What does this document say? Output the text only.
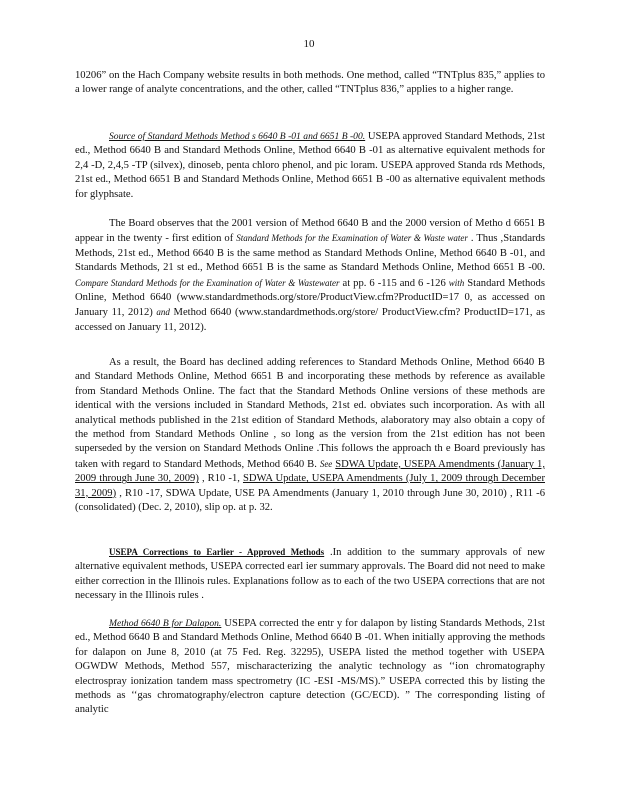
10

10206” on the Hach Company website results in both methods. One method, called “TNTplus 835,” applies to a lower range of analyte concentrations, and the other, called “TNTplus 836,” applies to a higher range.

Source of Standard Methods Method s 6640 B -01 and 6651 B -00. USEPA approved Standard Methods, 21st ed., Method 6640 B and Standard Methods Online, Method 6640 B -01 as alternative equivalent methods for 2,4 -D, 2,4,5 -TP (silvex), dinoseb, penta chloro phenol, and pic loram. USEPA approved Standa rds Methods, 21st ed., Method 6651 B and Standard Methods Online, Method 6651 B -00 as alternative equivalent methods for glyphsate.

The Board observes that the 2001 version of Method 6640 B and the 2000 version of Metho d 6651 B appear in the twenty - first edition of Standard Methods for the Examination of Water & Waste water . Thus ,Standards Methods, 21st ed., Method 6640 B is the same method as Standard Methods Online, Method 6640 B -01, and Standards Methods, 21 st ed., Method 6651 B is the same as Standard Methods Online, Method 6651 B -00. Compare Standard Methods for the Examination of Water & Wastewater at pp. 6 -115 and 6 -126 with Standard Methods Online, Method 6640 (www.standardmethods.org/store/ProductView.cfm?ProductID=17 0, as accessed on January 11, 2012) and Method 6640 (www.standardmethods.org/store/ ProductView.cfm? ProductID=171, as accessed on January 11, 2012).

As a result, the Board has declined adding references to Standard Methods Online, Method 6640 B and Standard Methods Online, Method 6651 B and incorporating these methods by reference as available from Standard Methods Online. The fact that the Standard Methods Online versions of these methods are identical with the versions included in Standard Methods, 21st ed. obviates such incorporation. As with all analytical methods published in the 21st edition of Standard Methods, alaboratory may also obtain a copy of the method from Standard Methods Online , so long as the version from the 21st edition has not been superseded by the version on Standard Methods Online .This follows the approach th e Board previously has taken with regard to Standard Methods, Method 6640 B. See SDWA Update, USEPA Amendments (January 1, 2009 through June 30, 2009) , R10 -1, SDWA Update, USEPA Amendments (July 1, 2009 through December 31, 2009) , R10 -17, SDWA Update, USE PA Amendments (January 1, 2010 through June 30, 2010) , R11 -6 (consolidated) (Dec. 2, 2010), slip op. at p. 32.

USEPA Corrections to Earlier - Approved Methods .In addition to the summary approvals of new alternative equivalent methods, USEPA corrected earl ier summary approvals. The Board did not need to make either correction in the Illinois rules. Explanations follow as to each of the two USEPA corrections that are not necessary in the Illinois rules .

Method 6640 B for Dalapon. USEPA corrected the entr y for dalapon by listing Standards Methods, 21st ed., Method 6640 B and Standard Methods Online, Method 6640 B -01. When initially approving the methods for dalapon on June 8, 2010 (at 75 Fed. Reg. 32295), USEPA listed the method together with USEPA OGWDW Methods, Method 557, mischaracterizing the analytic technology as ‘‘ion chromatography electrospray ionization tandem mass spectrometry (IC -ESI -MS/MS).” USEPA corrected this by listing the methods as ‘‘gas chromatography/electron capture detection (GC/ECD). ” The corresponding listing of analytic
